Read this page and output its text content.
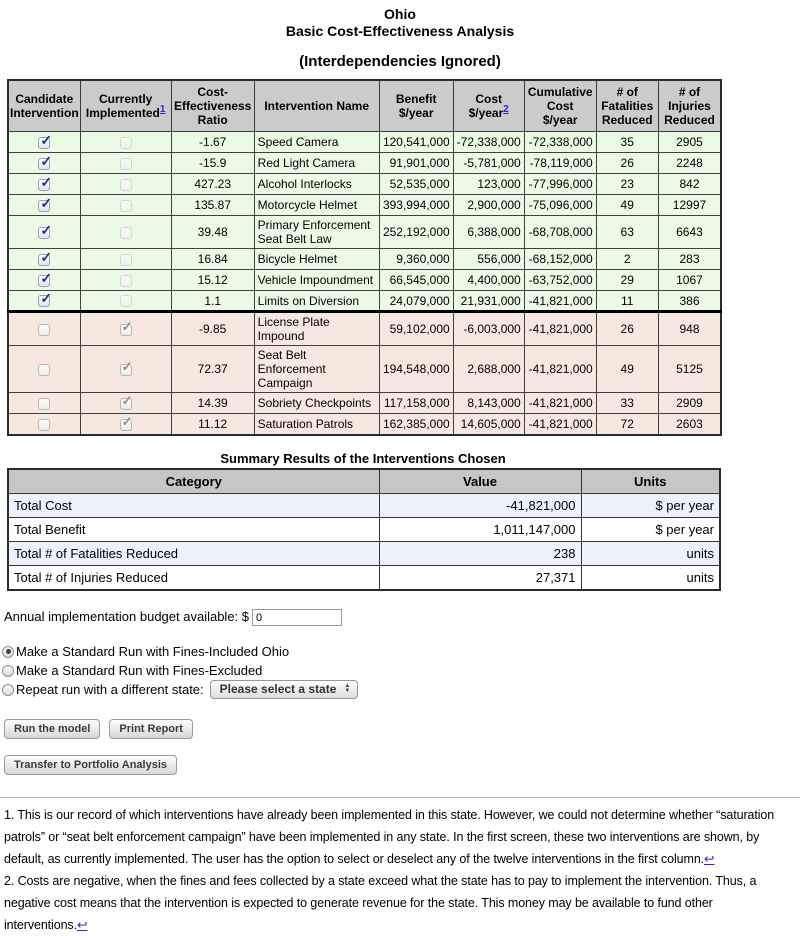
Ohio
Basic Cost-Effectiveness Analysis
(Interdependencies Ignored)
Candidate
Intervention	Currently
Implemented$^1$	Cost-
Effectiveness
Ratio	Intervention Name	Benefit
$/year	Cost
$/year$^2$	Cumulative
Cost
$/year	# of
Fatalities
Reduced	# of
Injuries
Reduced
✓		-1.67	Speed Camera	120,541,000	-72,338,000	-72,338,000	35	2905
✓		-15.9	Red Light Camera	91,901,000	-5,781,000	-78,119,000	26	2248
✓		427.23	Alcohol Interlocks	52,535,000	123,000	-77,996,000	23	842
✓		135.87	Motorcycle Helmet	393,994,000	2,900,000	-75,096,000	49	12997
✓		39.48	Primary Enforcement Seat Belt Law	252,192,000	6,388,000	-68,708,000	63	6643
✓		16.84	Bicycle Helmet	9,360,000	556,000	-68,152,000	2	283
✓		15.12	Vehicle Impoundment	66,545,000	4,400,000	-63,752,000	29	1067
✓		1.1	Limits on Diversion	24,079,000	21,931,000	-41,821,000	11	386
	✓	-9.85	License Plate Impound	59,102,000	-6,003,000	-41,821,000	26	948
	✓	72.37	Seat Belt Enforcement Campaign	194,548,000	2,688,000	-41,821,000	49	5125
	✓	14.39	Sobriety Checkpoints	117,158,000	8,143,000	-41,821,000	33	2909
	✓	11.12	Saturation Patrols	162,385,000	14,605,000	-41,821,000	72	2603
Summary Results of the Interventions Chosen
Category	Value	Units
Total Cost	-41,821,000	$ per year
Total Benefit	1,011,147,000	$ per year
Total # of Fatalities Reduced	238	units
Total # of Injuries Reduced	27,371	units
Annual implementation budget available: $0
Make a Standard Run with Fines-Included Ohio
Make a Standard Run with Fines-Excluded
Repeat run with a different state: Please select a state ▲
▼
Run the model	Print Report
Transfer to Portfolio Analysis

1. This is our record of which interventions have already been implemented in this state. However, we could not determine whether “saturation patrols” or “seat belt enforcement campaign” have been implemented in any state. In the first screen, these two interventions are shown, by default, as currently implemented. The user has the option to select or deselect any of the twelve interventions in the first column.↩

2. Costs are negative, when the fines and fees collected by a state exceed what the state has to pay to implement the intervention. Thus, a negative cost means that the intervention is expected to generate revenue for the state. This money may be available to fund other interventions.↩
